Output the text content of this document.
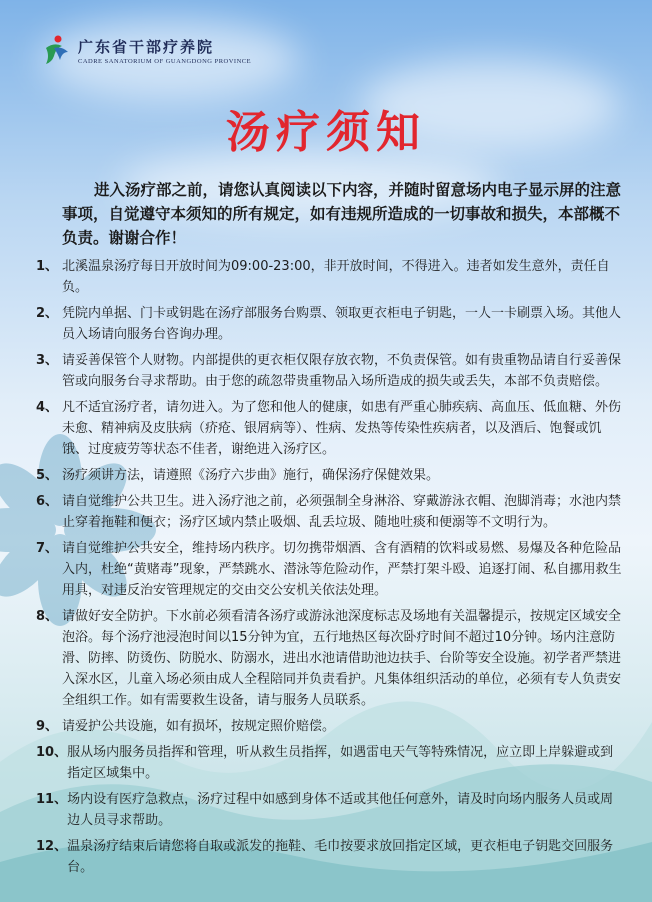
广东省干部疗养院
CADRE SANATORIUM OF GUANGDONG PROVINCE
汤疗须知

进入汤疗部之前，请您认真阅读以下内容，并随时留意场内电子显示屏的注意事项，自觉遵守本须知的所有规定，如有违规所造成的一切事故和损失，本部概不负责。谢谢合作！

1、 北溪温泉汤疗每日开放时间为09:00-23:00，非开放时间，不得进入。违者如发生意外，责任自负。
2、 凭院内单据、门卡或钥匙在汤疗部服务台购票、领取更衣柜电子钥匙，一人一卡刷票入场。其他人员入场请向服务台咨询办理。
3、 请妥善保管个人财物。内部提供的更衣柜仅限存放衣物，不负责保管。如有贵重物品请自行妥善保管或向服务台寻求帮助。由于您的疏忽带贵重物品入场所造成的损失或丢失，本部不负责赔偿。
4、 凡不适宜汤疗者，请勿进入。为了您和他人的健康，如患有严重心肺疾病、高血压、低血糖、外伤未愈、精神病及皮肤病（疥疮、银屑病等）、性病、发热等传染性疾病者，以及酒后、饱餐或饥饿、过度疲劳等状态不佳者，谢绝进入汤疗区。
5、 汤疗须讲方法，请遵照《汤疗六步曲》施行，确保汤疗保健效果。
6、 请自觉维护公共卫生。进入汤疗池之前，必须强制全身淋浴、穿戴游泳衣帽、泡脚消毒；水池内禁止穿着拖鞋和便衣；汤疗区域内禁止吸烟、乱丢垃圾、随地吐痰和便溺等不文明行为。
7、 请自觉维护公共安全，维持场内秩序。切勿携带烟酒、含有酒精的饮料或易燃、易爆及各种危险品入内，杜绝“黄赌毒”现象，严禁跳水、潜泳等危险动作，严禁打架斗殴、追逐打闹、私自挪用救生用具，对违反治安管理规定的交由交公安机关依法处理。
8、 请做好安全防护。下水前必须看清各汤疗或游泳池深度标志及场地有关温馨提示，按规定区域安全泡浴。每个汤疗池浸泡时间以15分钟为宜，五行地热区每次卧疗时间不超过10分钟。场内注意防滑、防摔、防烫伤、防脱水、防溺水，进出水池请借助池边扶手、台阶等安全设施。初学者严禁进入深水区，儿童入场必须由成人全程陪同并负责看护。凡集体组织活动的单位，必须有专人负责安全组织工作。如有需要救生设备，请与服务人员联系。
9、 请爱护公共设施，如有损坏，按规定照价赔偿。
10、 服从场内服务员指挥和管理，听从救生员指挥，如遇雷电天气等特殊情况，应立即上岸躲避或到指定区域集中。
11、 场内设有医疗急救点，汤疗过程中如感到身体不适或其他任何意外，请及时向场内服务人员或周边人员寻求帮助。
12、 温泉汤疗结束后请您将自取或派发的拖鞋、毛巾按要求放回指定区域，更衣柜电子钥匙交回服务台。
